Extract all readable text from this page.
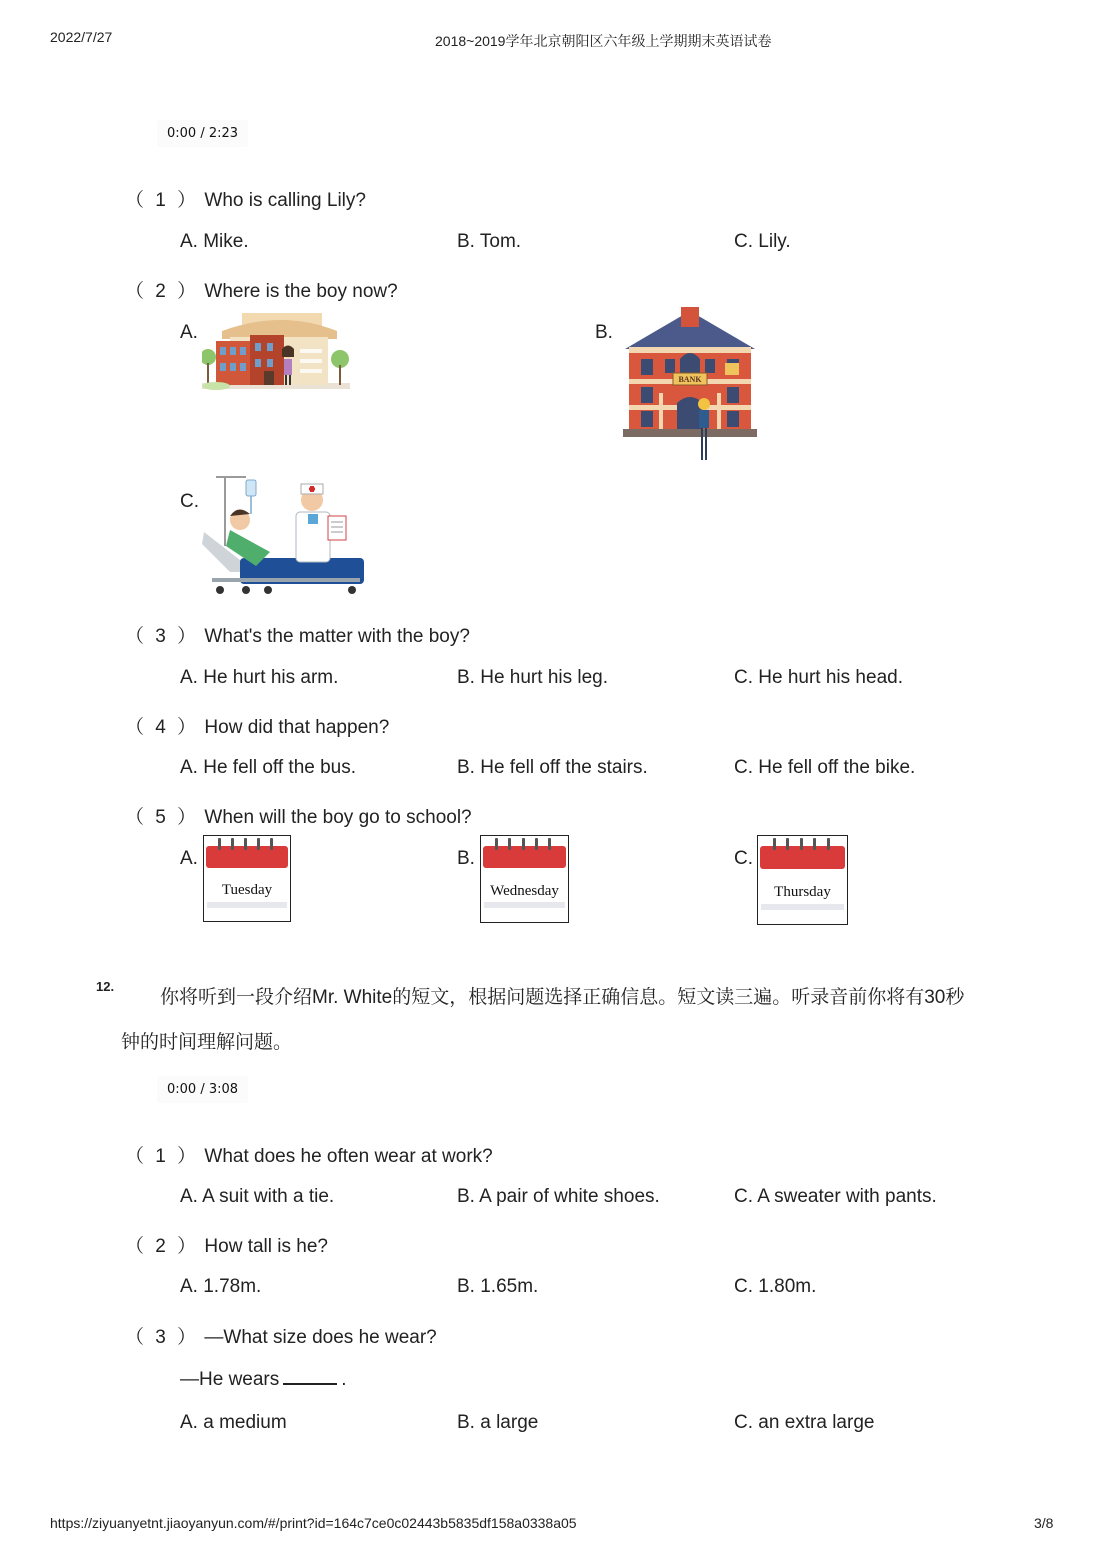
2022/7/27	2018~2019学年北京朝阳区六年级上学期期末英语试卷
0:00 / 2:23
（ 1 ） Who is calling Lily?
A. Mike.	B. Tom.	C. Lily.
（ 2 ） Where is the boy now?
A.	B.
BANK
C.
（ 3 ） What's the matter with the boy?
A. He hurt his arm.	B. He hurt his leg.	C. He hurt his head.
（ 4 ） How did that happen?
A. He fell off the bus.	B. He fell off the stairs.	C. He fell off the bike.
（ 5 ） When will the boy go to school?
A.
Tuesday
B.
Wednesday
C.
Thursday
12.
你将听到一段介绍Mr. White的短文，根据问题选择正确信息。短文读三遍。听录音前你将有30秒
钟的时间理解问题。
0:00 / 3:08
（ 1 ） What does he often wear at work?
A. A suit with a tie.	B. A pair of white shoes.	C. A sweater with pants.
（ 2 ） How tall is he?
A. 1.78m.	B. 1.65m.	C. 1.80m.
（ 3 ） —What size does he wear?
—He wears	.
A. a medium	B. a large	C. an extra large
https://ziyuanyetnt.jiaoyanyun.com/#/print?id=164c7ce0c02443b5835df158a0338a05	3/8
